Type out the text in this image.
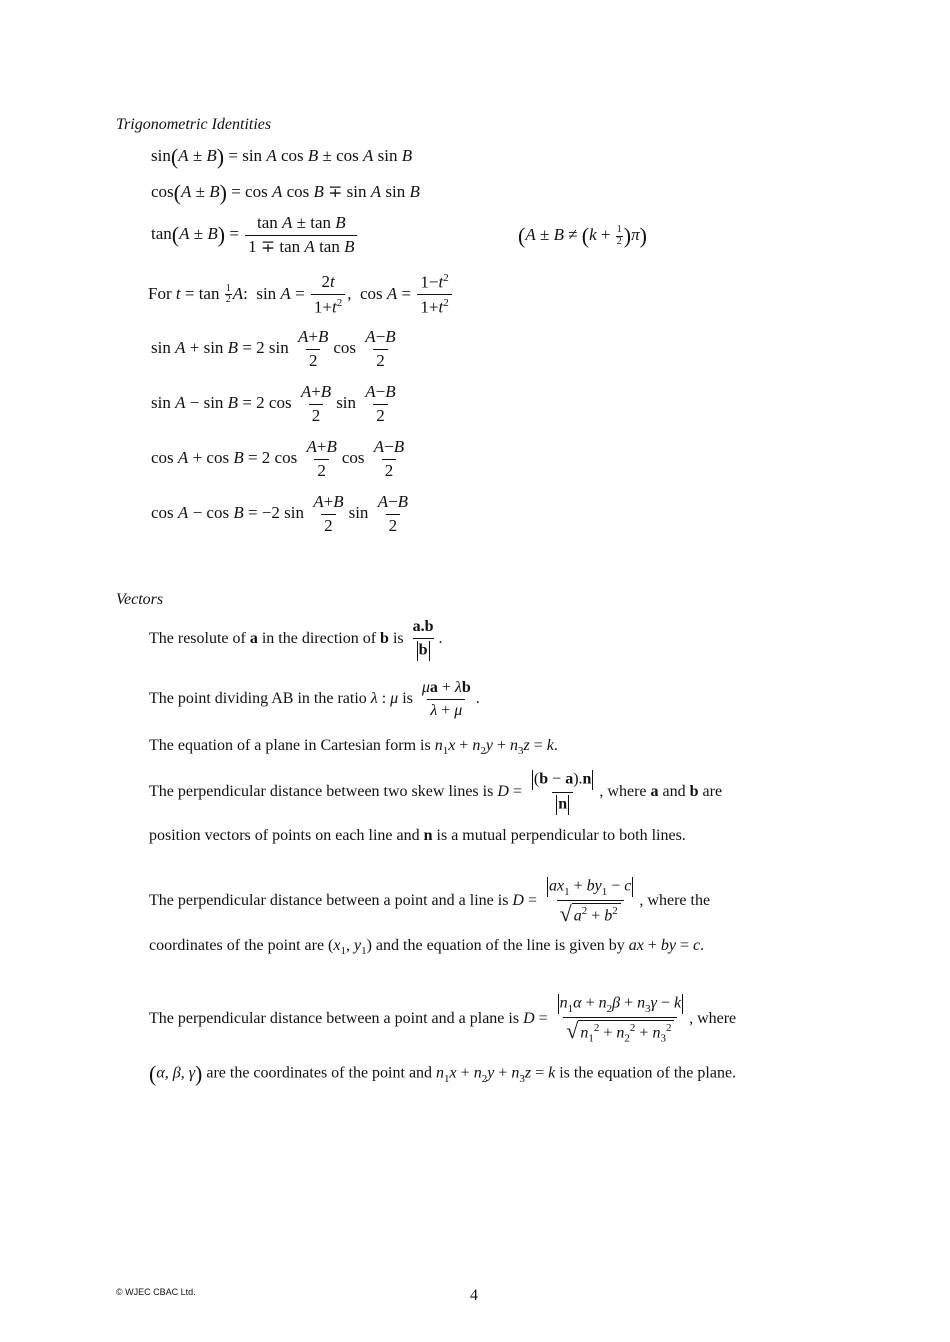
Trigonometric Identities
sin(A ± B) = sin A cos B ± cos A sin B
cos(A ± B) = cos A cos B ∓ sin A sin B
$\tan(A \pm B) = \frac{\text{tan A ± tan B}}{\text{1 ∓ tan A tan B}}$	$(A \pm B \ne (k + \frac{1}{2} )\pi)$
For $t = \tan \frac{1}{2} A$:  $\sin A = \frac{2t}{1+t^2}$ ,  $\cos A = \frac{1-t^2}{1+t^2}$
sin A + sin B = 2 $\sin \frac{A+B}{2}$ $\cos \frac{A-B}{2}$
sin A − sin B = 2 $\cos \frac{A+B}{2}$ $\sin \frac{A-B}{2}$
cos A + cos B = 2 $\cos \frac{A+B}{2}$ $\cos \frac{A-B}{2}$
cos A − cos B = −2 $\sin \frac{A+B}{2}$ $\sin \frac{A-B}{2}$
Vectors
The resolute of a in the direction of b is $\frac{a.b}{b}$ .
The point dividing AB in the ratio λ : μ is $\frac{\mu a + \lambda b}{\lambda + \mu}$ .
The equation of a plane in Cartesian form is $n_1x + n_2y + n_3z = k$.
The perpendicular distance between two skew lines is $D = \frac{(b - a).n}{n}$ , where a and b are
position vectors of points on each line and n is a mutual perpendicular to both lines.
The perpendicular distance between a point and a line is $D = \frac{ax_1 + by_1 - c}{√ a^2 + b^2}$ , where the
coordinates of the point are ($x_1$, $y_1$) and the equation of the line is given by ax + by = c.
The perpendicular distance between a point and a plane is $D = \frac{n_1\alpha + n_2\beta + n_3\gamma - k}{√ n_1^2 + n_2^2 + n_3^2}$ , where
(α, β, γ) are the coordinates of the point and $n_1x + n_2y + n_3z = k$ is the equation of the plane.
© WJEC CBAC Ltd.	4
